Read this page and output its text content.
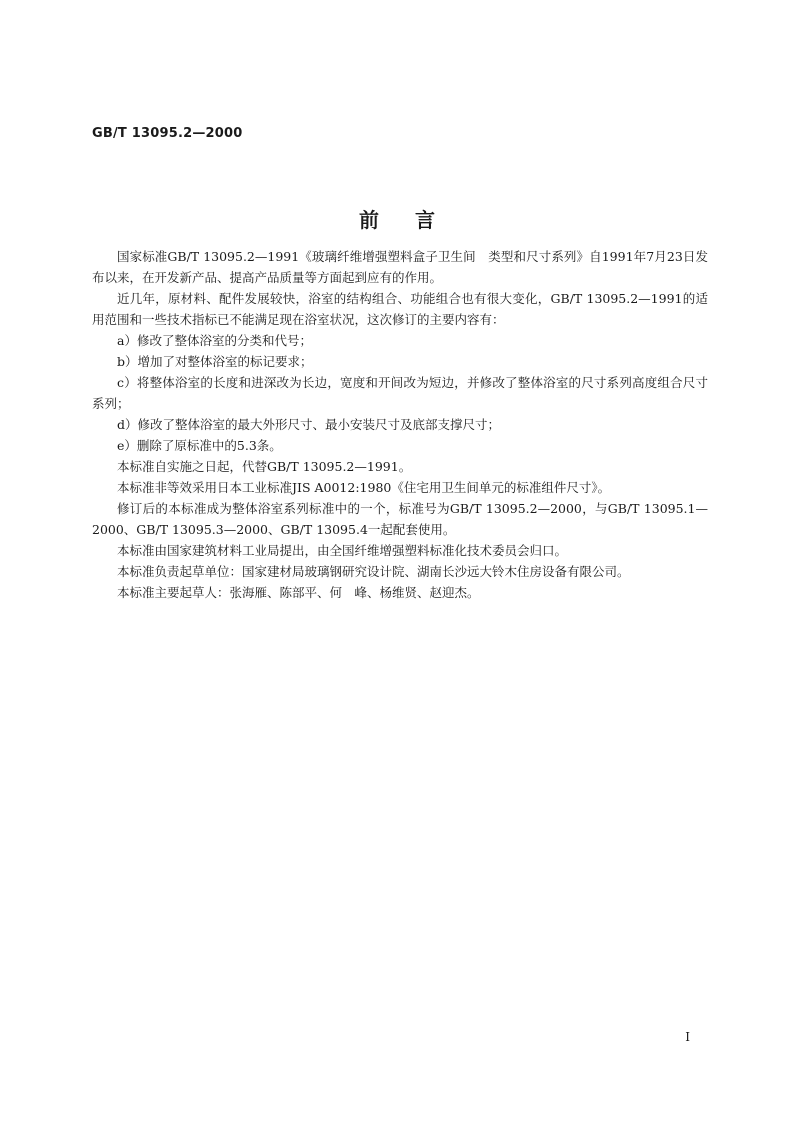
GB/T 13095.2—2000
前言

国家标准GB/T 13095.2—1991《玻璃纤维增强塑料盒子卫生间　类型和尺寸系列》自1991年7月23日发布以来，在开发新产品、提高产品质量等方面起到应有的作用。

近几年，原材料、配件发展较快，浴室的结构组合、功能组合也有很大变化，GB/T 13095.2—1991的适用范围和一些技术指标已不能满足现在浴室状况，这次修订的主要内容有：

a）修改了整体浴室的分类和代号；

b）增加了对整体浴室的标记要求；

c）将整体浴室的长度和进深改为长边，宽度和开间改为短边，并修改了整体浴室的尺寸系列高度组合尺寸系列；

d）修改了整体浴室的最大外形尺寸、最小安装尺寸及底部支撑尺寸；

e）删除了原标准中的5.3条。

本标准自实施之日起，代替GB/T 13095.2—1991。

本标准非等效采用日本工业标准JIS A0012:1980《住宅用卫生间单元的标准组件尺寸》。

修订后的本标准成为整体浴室系列标准中的一个，标准号为GB/T 13095.2—2000，与GB/T 13095.1—2000、GB/T 13095.3—2000、GB/T 13095.4一起配套使用。

本标准由国家建筑材料工业局提出，由全国纤维增强塑料标准化技术委员会归口。

本标准负责起草单位：国家建材局玻璃钢研究设计院、湖南长沙远大铃木住房设备有限公司。

本标准主要起草人：张海雁、陈部平、何　峰、杨维贤、赵迎杰。

I
